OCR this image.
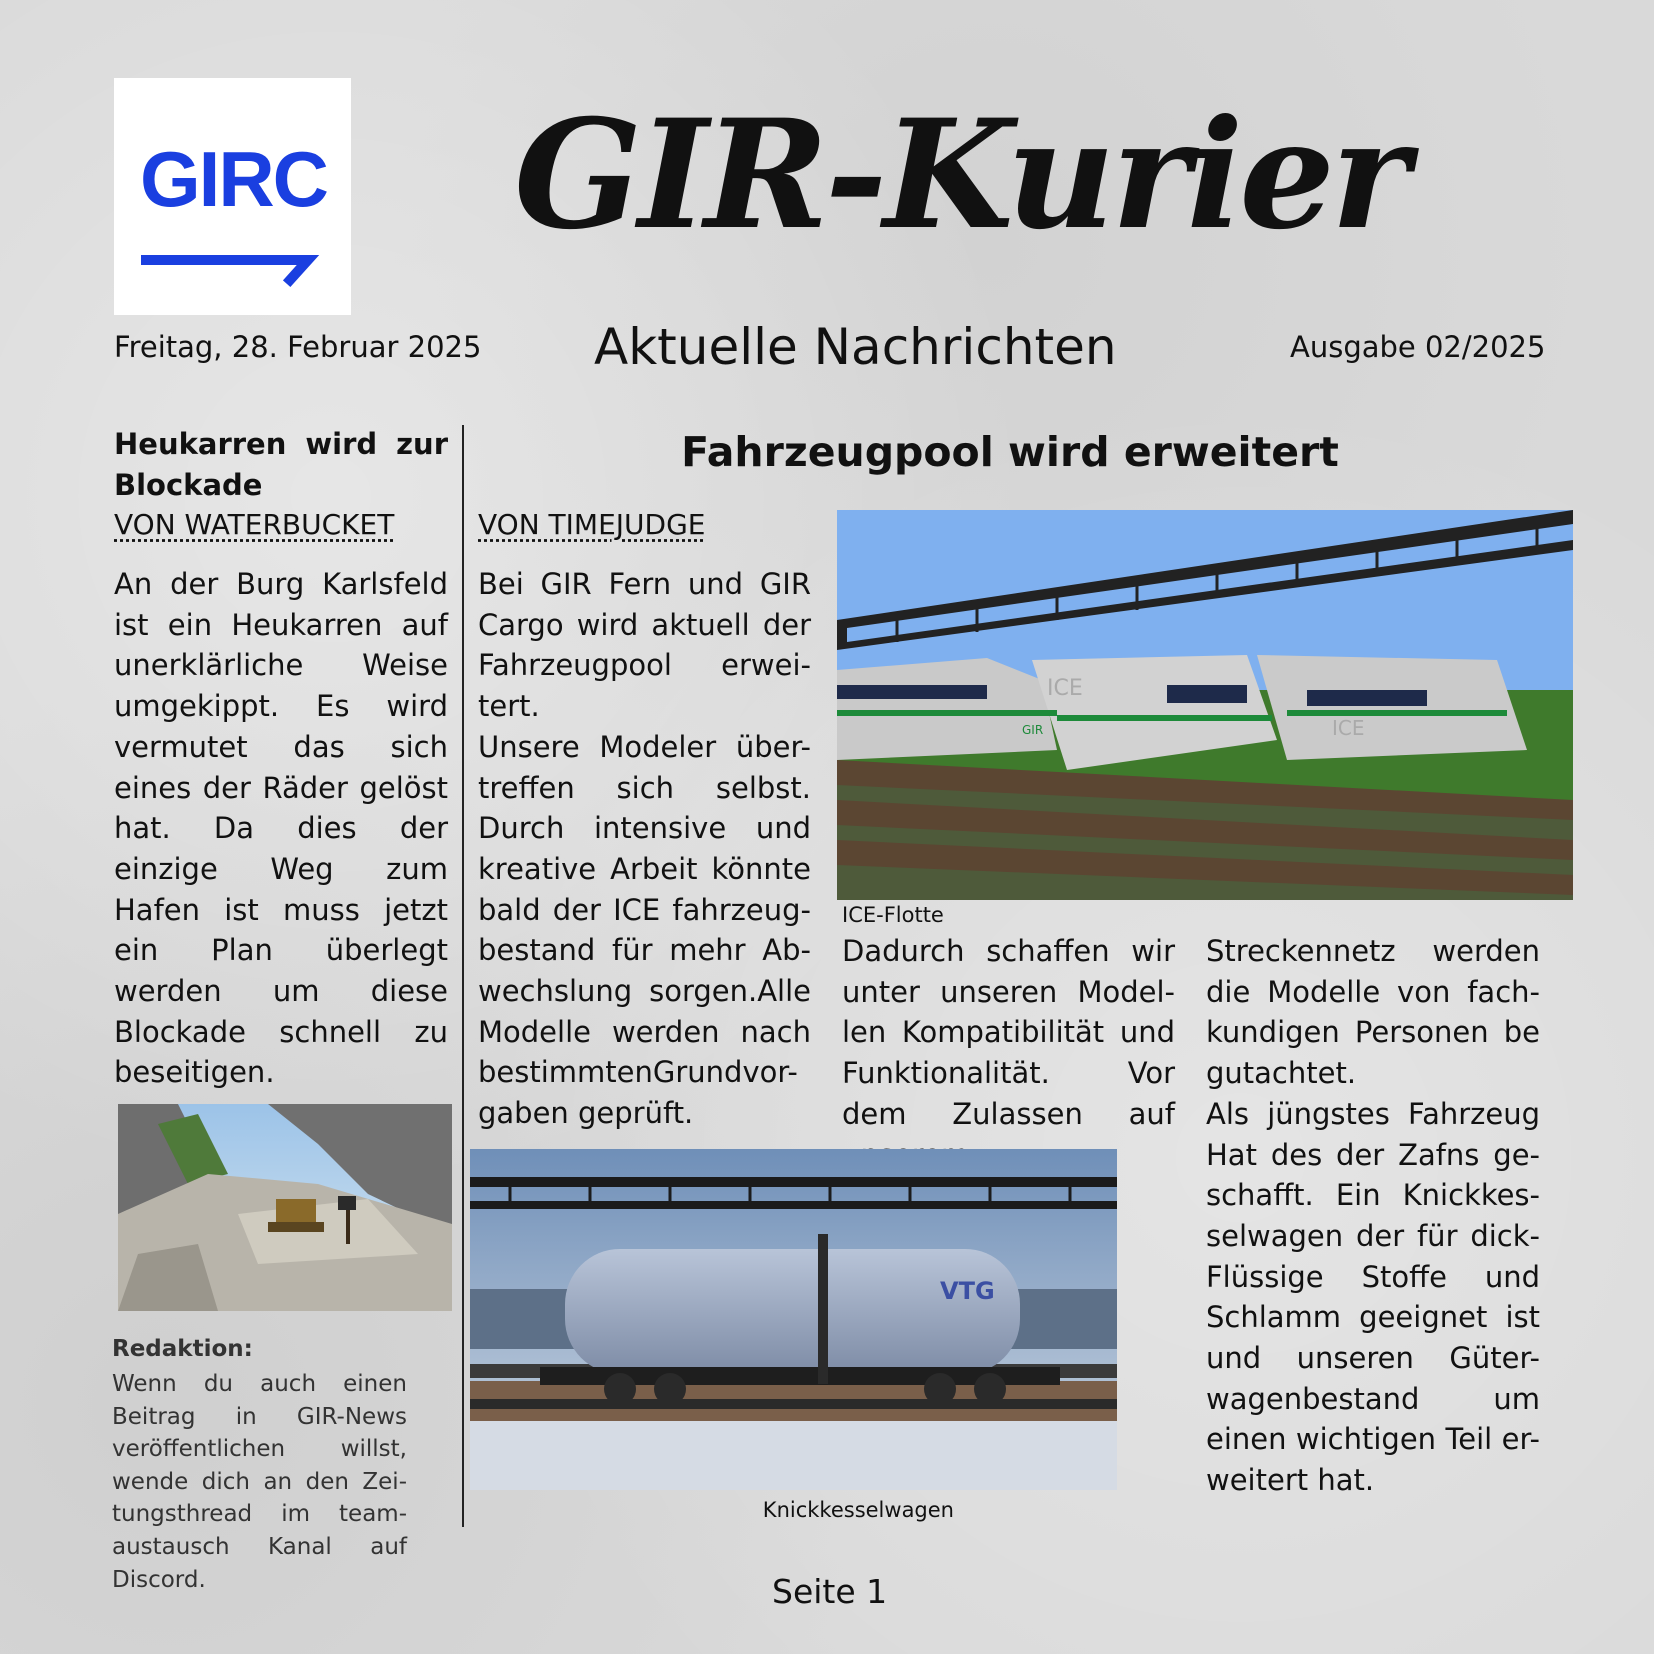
GIRC GIR-Kurier
Freitag, 28. Februar 2025 Aktuelle Nachrichten	Ausgabe 02/2025
Heukarren wird zur Blockade
VON WATERBUCKET
An der Burg Karlsfeld ist ein Heukarren auf unerklärliche Weise umgekippt. Es wird vermutet das sich eines der Räder gelöst hat. Da dies der einzige Weg zum Hafen ist muss jetzt ein Plan überlegt werden um diese Blockade schnell zu beseitigen.
Redaktion:
Wenn du auch einen Beitrag in GIR-News veröffentlichen willst, wende dich an den Zei-tungsthread im team-austausch Kanal auf Discord.
Fahrzeugpool wird erweitert
VON TIMEJUDGE
Bei GIR Fern und GIR Cargo wird aktuell der Fahrzeugpool erwei-tert.
Unsere Modeler über-treffen sich selbst. Durch intensive und kreative Arbeit könnte bald der ICE fahrzeug-bestand für mehr Ab-wechslung sorgen.Alle Modelle werden nach bestimmtenGrundvor-gaben geprüft.
GIR
ICE
ICE
ICE-Flotte
Dadurch schaffen wir unter unseren Model-len Kompatibilität und Funktionalität. Vor dem Zulassen auf
Streckennetz werden die Modelle von fach-kundigen Personen be gutachtet.
Als jüngstes Fahrzeug Hat des der Zafns ge-schafft. Ein Knickkes-selwagen der für dick-Flüssige Stoffe und Schlamm geeignet ist und unseren Güter-wagenbestand um einen wichtigen Teil er-weitert hat.
VTG
Knickkesselwagen
Seite 1
